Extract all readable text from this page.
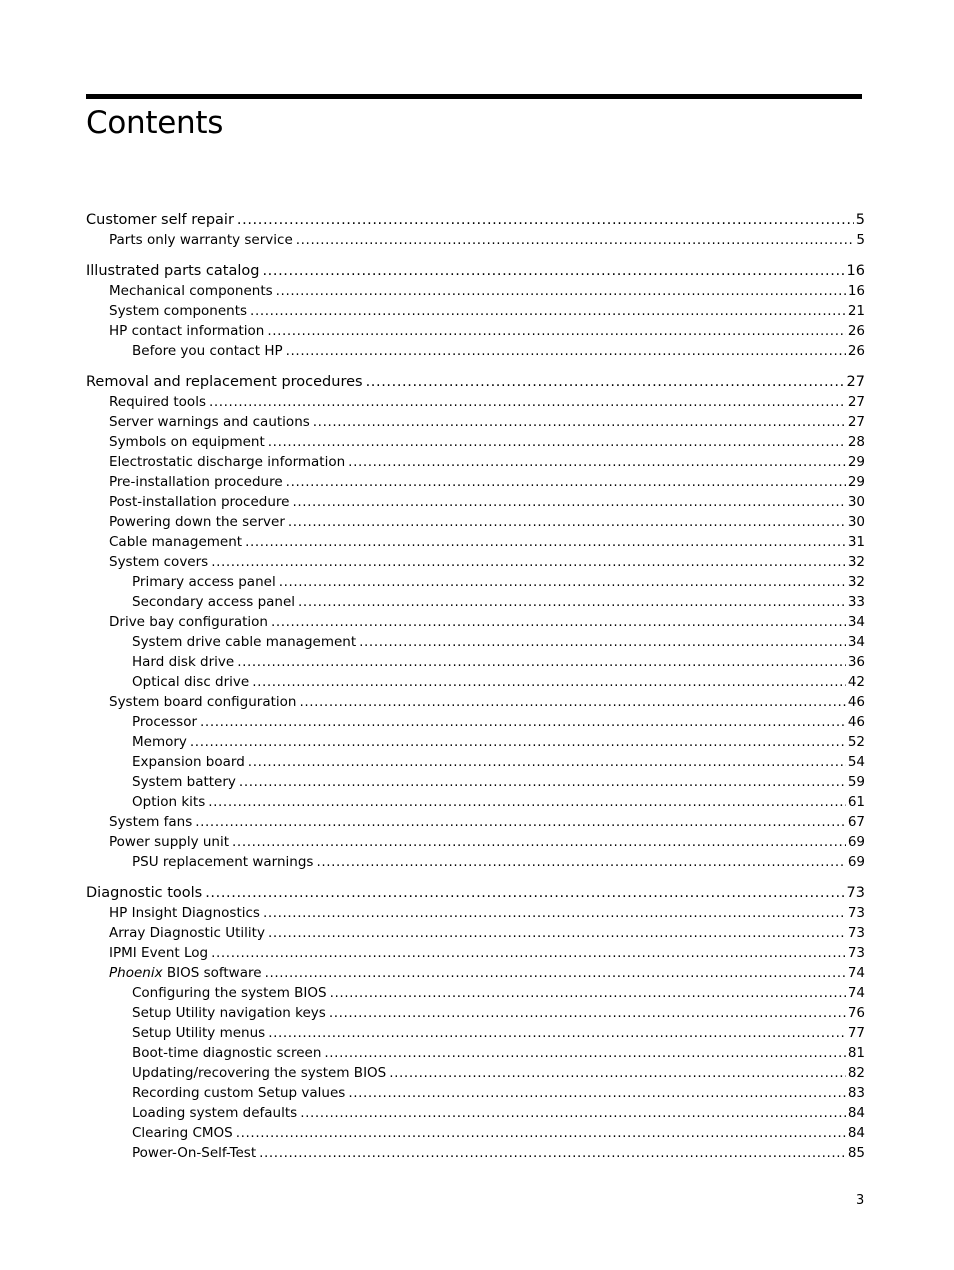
Contents
Customer self repair .....	5
Parts only warranty service .....	5
Illustrated parts catalog .....	16
Mechanical components .....	16
System components .....	21
HP contact information .....	26
Before you contact HP .....	26
Removal and replacement procedures .....	27
Required tools .....	27
Server warnings and cautions .....	27
Symbols on equipment .....	28
Electrostatic discharge information .....	29
Pre-installation procedure .....	29
Post-installation procedure .....	30
Powering down the server .....	30
Cable management .....	31
System covers .....	32
Primary access panel .....	32
Secondary access panel .....	33
Drive bay configuration .....	34
System drive cable management .....	34
Hard disk drive .....	36
Optical disc drive .....	42
System board configuration .....	46
Processor .....	46
Memory .....	52
Expansion board .....	54
System battery .....	59
Option kits .....	61
System fans .....	67
Power supply unit .....	69
PSU replacement warnings .....	69
Diagnostic tools .....	73
HP Insight Diagnostics .....	73
Array Diagnostic Utility .....	73
IPMI Event Log .....	73
Phoenix BIOS software .....	74
Configuring the system BIOS .....	74
Setup Utility navigation keys .....	76
Setup Utility menus .....	77
Boot-time diagnostic screen .....	81
Updating/recovering the system BIOS .....	82
Recording custom Setup values .....	83
Loading system defaults .....	84
Clearing CMOS .....	84
Power-On-Self-Test .....	85
3
